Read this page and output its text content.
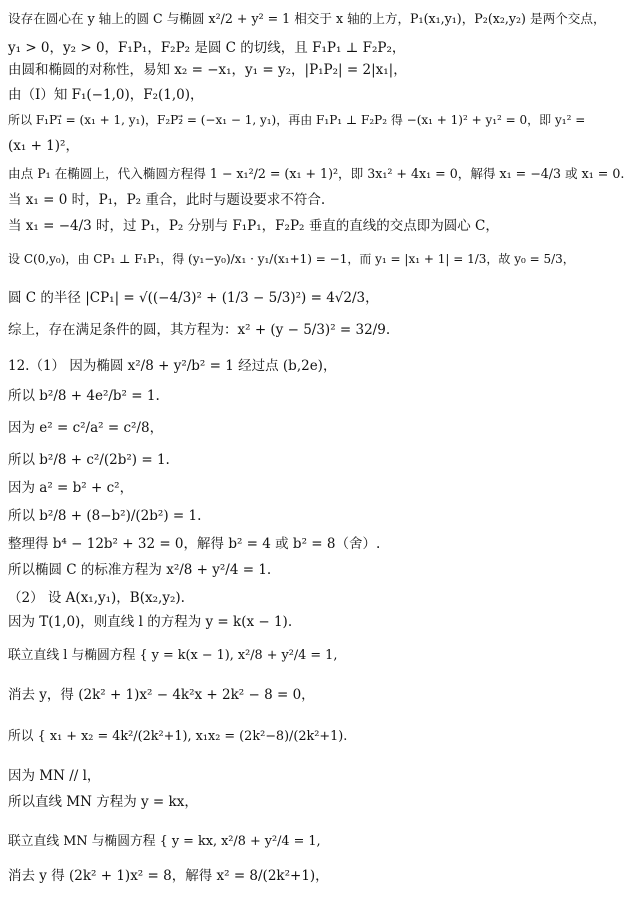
设存在圆心在 y 轴上的圆 C 与椭圆 x²/2 + y² = 1 相交于 x 轴的上方，P₁(x₁,y₁)，P₂(x₂,y₂) 是两个交点，
y₁ > 0，y₂ > 0，F₁P₁，F₂P₂ 是圆 C 的切线，且 F₁P₁ ⊥ F₂P₂，
由圆和椭圆的对称性，易知 x₂ = −x₁，y₁ = y₂，|P₁P₂| = 2|x₁|，
由（Ⅰ）知 F₁(−1,0)，F₂(1,0)，
所以 F₁P₁⃗ = (x₁ + 1, y₁)，F₂P₂⃗ = (−x₁ − 1, y₁)，再由 F₁P₁ ⊥ F₂P₂ 得 −(x₁ + 1)² + y₁² = 0，即 y₁² =
(x₁ + 1)²，
由点 P₁ 在椭圆上，代入椭圆方程得 1 − x₁²/2 = (x₁ + 1)²，即 3x₁² + 4x₁ = 0，解得 x₁ = −4/3 或 x₁ = 0.
当 x₁ = 0 时，P₁，P₂ 重合，此时与题设要求不符合.
当 x₁ = −4/3 时，过 P₁，P₂ 分别与 F₁P₁，F₂P₂ 垂直的直线的交点即为圆心 C，
设 C(0,y₀)，由 CP₁ ⊥ F₁P₁，得 (y₁−y₀)/x₁ · y₁/(x₁+1) = −1，而 y₁ = |x₁ + 1| = 1/3，故 y₀ = 5/3，
圆 C 的半径 |CP₁| = √((−4/3)² + (1/3 − 5/3)²) = 4√2/3，
综上，存在满足条件的圆，其方程为：x² + (y − 5/3)² = 32/9.
12.（1） 因为椭圆 x²/8 + y²/b² = 1 经过点 (b,2e)，
所以 b²/8 + 4e²/b² = 1.
因为 e² = c²/a² = c²/8，
所以 b²/8 + c²/(2b²) = 1.
因为 a² = b² + c²，
所以 b²/8 + (8−b²)/(2b²) = 1.
整理得 b⁴ − 12b² + 32 = 0，解得 b² = 4 或 b² = 8（舍）.
所以椭圆 C 的标准方程为 x²/8 + y²/4 = 1.
（2） 设 A(x₁,y₁)，B(x₂,y₂).
因为 T(1,0)，则直线 l 的方程为 y = k(x − 1).
联立直线 l 与椭圆方程 { y = k(x − 1), x²/8 + y²/4 = 1,
消去 y，得 (2k² + 1)x² − 4k²x + 2k² − 8 = 0，
所以 { x₁ + x₂ = 4k²/(2k²+1), x₁x₂ = (2k²−8)/(2k²+1).
因为 MN // l，
所以直线 MN 方程为 y = kx，
联立直线 MN 与椭圆方程 { y = kx, x²/8 + y²/4 = 1,
消去 y 得 (2k² + 1)x² = 8，解得 x² = 8/(2k²+1)，
